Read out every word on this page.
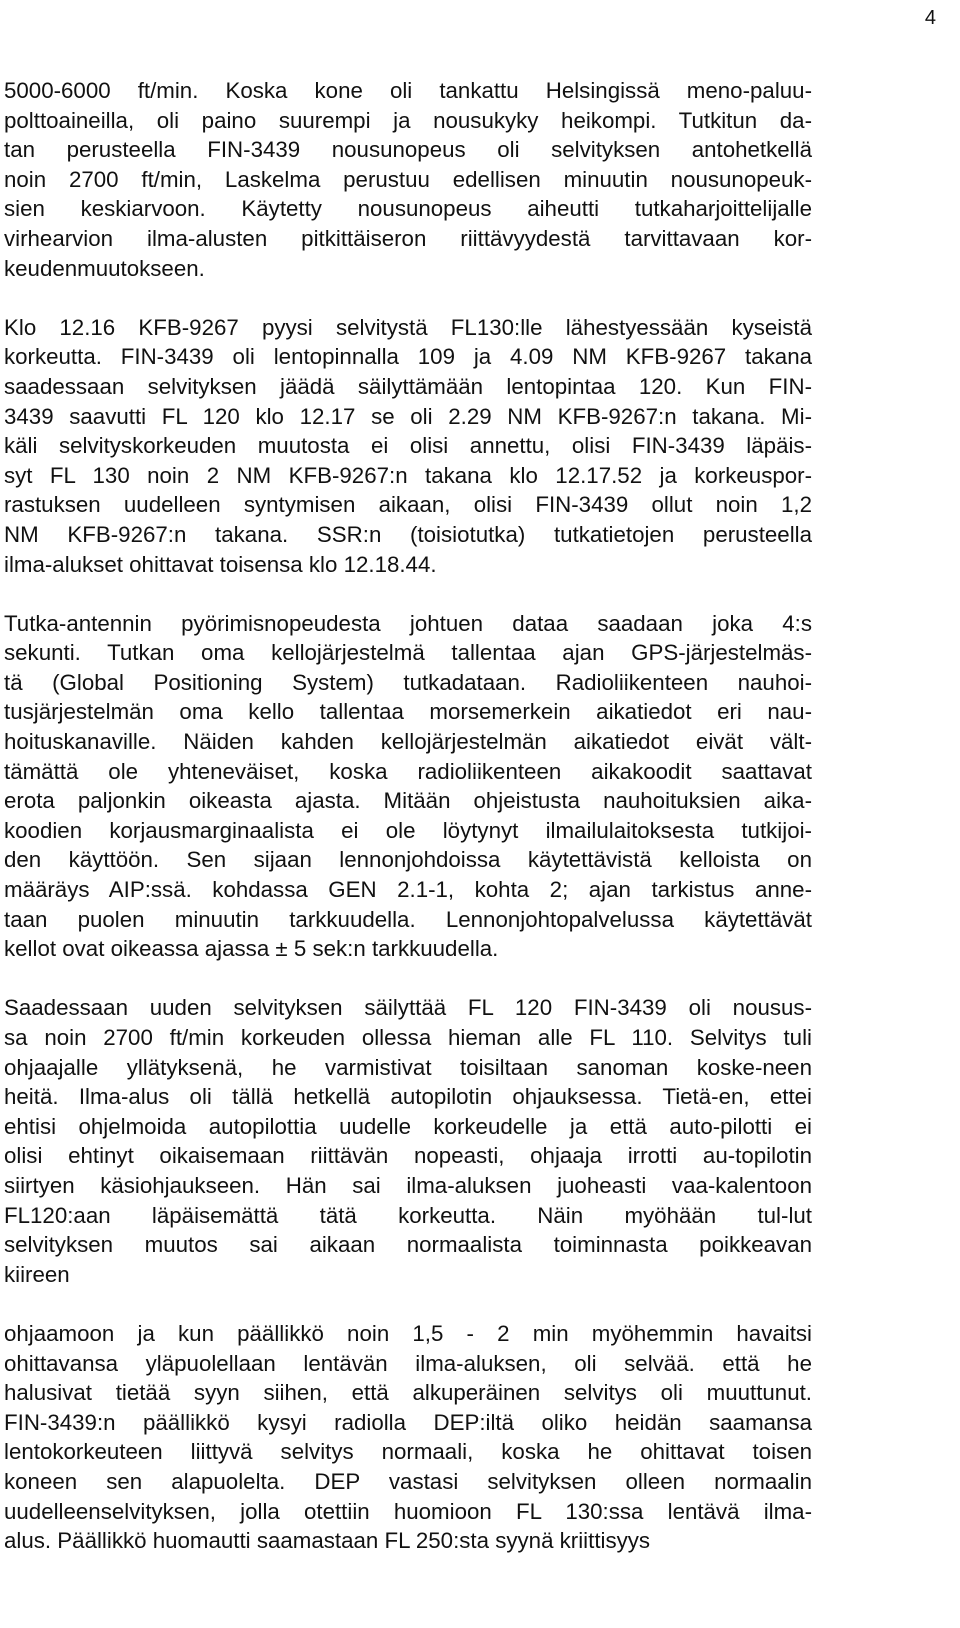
4

5000-6000 ft/min. Koska kone oli tankattu Helsingissä meno-paluu-
polttoaineilla, oli paino suurempi ja nousukyky heikompi. Tutkitun da-
tan perusteella FIN-3439 nousunopeus oli selvityksen antohetkellä
noin 2700 ft/min, Laskelma perustuu edellisen minuutin nousunopeuk-
sien keskiarvoon. Käytetty nousunopeus aiheutti tutkaharjoittelijalle
virhearvion ilma-alusten pitkittäiseron riittävyydestä tarvittavaan kor-
keudenmuutokseen.

Klo 12.16 KFB-9267 pyysi selvitystä FL130:lle lähestyessään kyseistä
korkeutta. FIN-3439 oli lentopinnalla 109 ja 4.09 NM KFB-9267 takana
saadessaan selvityksen jäädä säilyttämään lentopintaa 120. Kun FIN-
3439 saavutti FL 120 klo 12.17 se oli 2.29 NM KFB-9267:n takana. Mi-
käli selvityskorkeuden muutosta ei olisi annettu, olisi FIN-3439 läpäis-
syt FL 130 noin 2 NM KFB-9267:n takana klo 12.17.52 ja korkeuspor-
rastuksen uudelleen syntymisen aikaan, olisi FIN-3439 ollut noin 1,2
NM KFB-9267:n takana. SSR:n (toisiotutka) tutkatietojen perusteella
ilma-alukset ohittavat toisensa klo 12.18.44.

Tutka-antennin pyörimisnopeudesta johtuen dataa saadaan joka 4:s
sekunti. Tutkan oma kellojärjestelmä tallentaa ajan GPS-järjestelmäs-
tä (Global Positioning System) tutkadataan. Radioliikenteen nauhoi-
tusjärjestelmän oma kello tallentaa morsemerkein aikatiedot eri nau-
hoituskanaville. Näiden kahden kellojärjestelmän aikatiedot eivät vält-
tämättä ole yhteneväiset, koska radioliikenteen aikakoodit saattavat
erota paljonkin oikeasta ajasta. Mitään ohjeistusta nauhoituksien aika-
koodien korjausmarginaalista ei ole löytynyt ilmailulaitoksesta tutkijoi-
den käyttöön. Sen sijaan lennonjohdoissa käytettävistä kelloista on
määräys AIP:ssä. kohdassa GEN 2.1-1, kohta 2; ajan tarkistus anne-
taan puolen minuutin tarkkuudella. Lennonjohtopalvelussa käytettävät
kellot ovat oikeassa ajassa ± 5 sek:n tarkkuudella.

Saadessaan uuden selvityksen säilyttää FL 120 FIN-3439 oli nousus-
sa noin 2700 ft/min korkeuden ollessa hieman alle FL 110. Selvitys tuli
ohjaajalle yllätyksenä, he varmistivat toisiltaan sanoman koske-neen
heitä. Ilma-alus oli tällä hetkellä autopilotin ohjauksessa. Tietä-en, ettei
ehtisi ohjelmoida autopilottia uudelle korkeudelle ja että auto-pilotti ei
olisi ehtinyt oikaisemaan riittävän nopeasti, ohjaaja irrotti au-topilotin
siirtyen käsiohjaukseen. Hän sai ilma-aluksen juoheasti vaa-kalentoon
FL120:aan läpäisemättä tätä korkeutta. Näin myöhään tul-lut
selvityksen muutos sai aikaan normaalista toiminnasta poikkeavan
kiireen

ohjaamoon ja kun päällikkö noin 1,5 - 2 min myöhemmin havaitsi
ohittavansa yläpuolellaan lentävän ilma-aluksen, oli selvää. että he
halusivat tietää syyn siihen, että alkuperäinen selvitys oli muuttunut.
FIN-3439:n päällikkö kysyi radiolla DEP:iltä oliko heidän saamansa
lentokorkeuteen liittyvä selvitys normaali, koska he ohittavat toisen
koneen sen alapuolelta. DEP vastasi selvityksen olleen normaalin
uudelleenselvityksen, jolla otettiin huomioon FL 130:ssa lentävä ilma-
alus. Päällikkö huomautti saamastaan FL 250:sta syynä kriittisyys
